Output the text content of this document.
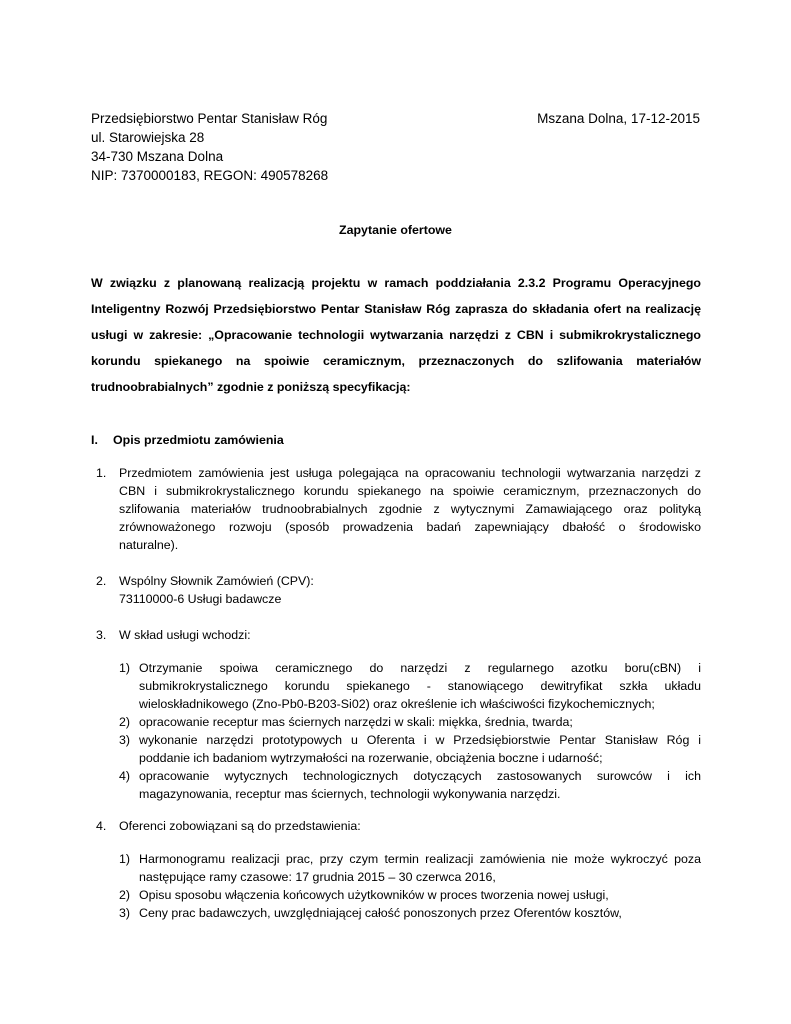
Przedsiębiorstwo Pentar Stanisław Róg
ul. Starowiejska 28
34-730 Mszana Dolna
NIP: 7370000183, REGON: 490578268
Mszana Dolna, 17-12-2015
Zapytanie ofertowe
W związku z planowaną realizacją projektu w ramach poddziałania 2.3.2 Programu Operacyjnego
Inteligentny Rozwój Przedsiębiorstwo Pentar Stanisław Róg zaprasza do składania ofert na realizację
usługi w zakresie: „Opracowanie technologii wytwarzania narzędzi z CBN i submikrokrystalicznego
korundu spiekanego na spoiwie ceramicznym, przeznaczonych do szlifowania materiałów
trudnoobrabialnych” zgodnie z poniższą specyfikacją:
I. Opis przedmiotu zamówienia
1. Przedmiotem zamówienia jest usługa polegająca na opracowaniu technologii wytwarzania narzędzi z
CBN i submikrokrystalicznego korundu spiekanego na spoiwie ceramicznym, przeznaczonych do
szlifowania materiałów trudnoobrabialnych zgodnie z wytycznymi Zamawiającego oraz polityką
zrównoważonego rozwoju (sposób prowadzenia badań zapewniający dbałość o środowisko
naturalne).
2. Wspólny Słownik Zamówień (CPV):
73110000-6 Usługi badawcze
3. W skład usługi wchodzi:
1) Otrzymanie spoiwa ceramicznego do narzędzi z regularnego azotku boru(cBN) i
submikrokrystalicznego korundu spiekanego - stanowiącego dewitryfikat szkła układu
wieloskładnikowego (Zno-Pb0-B203-Si02) oraz określenie ich właściwości fizykochemicznych;
2) opracowanie receptur mas ściernych narzędzi w skali: miękka, średnia, twarda;
3) wykonanie narzędzi prototypowych u Oferenta i w Przedsiębiorstwie Pentar Stanisław Róg i
poddanie ich badaniom wytrzymałości na rozerwanie, obciążenia boczne i udarność;
4) opracowanie wytycznych technologicznych dotyczących zastosowanych surowców i ich
magazynowania, receptur mas ściernych, technologii wykonywania narzędzi.
4. Oferenci zobowiązani są do przedstawienia:
1) Harmonogramu realizacji prac, przy czym termin realizacji zamówienia nie może wykroczyć poza
następujące ramy czasowe: 17 grudnia 2015 – 30 czerwca 2016,
2) Opisu sposobu włączenia końcowych użytkowników w proces tworzenia nowej usługi,
3) Ceny prac badawczych, uwzględniającej całość ponoszonych przez Oferentów kosztów,
